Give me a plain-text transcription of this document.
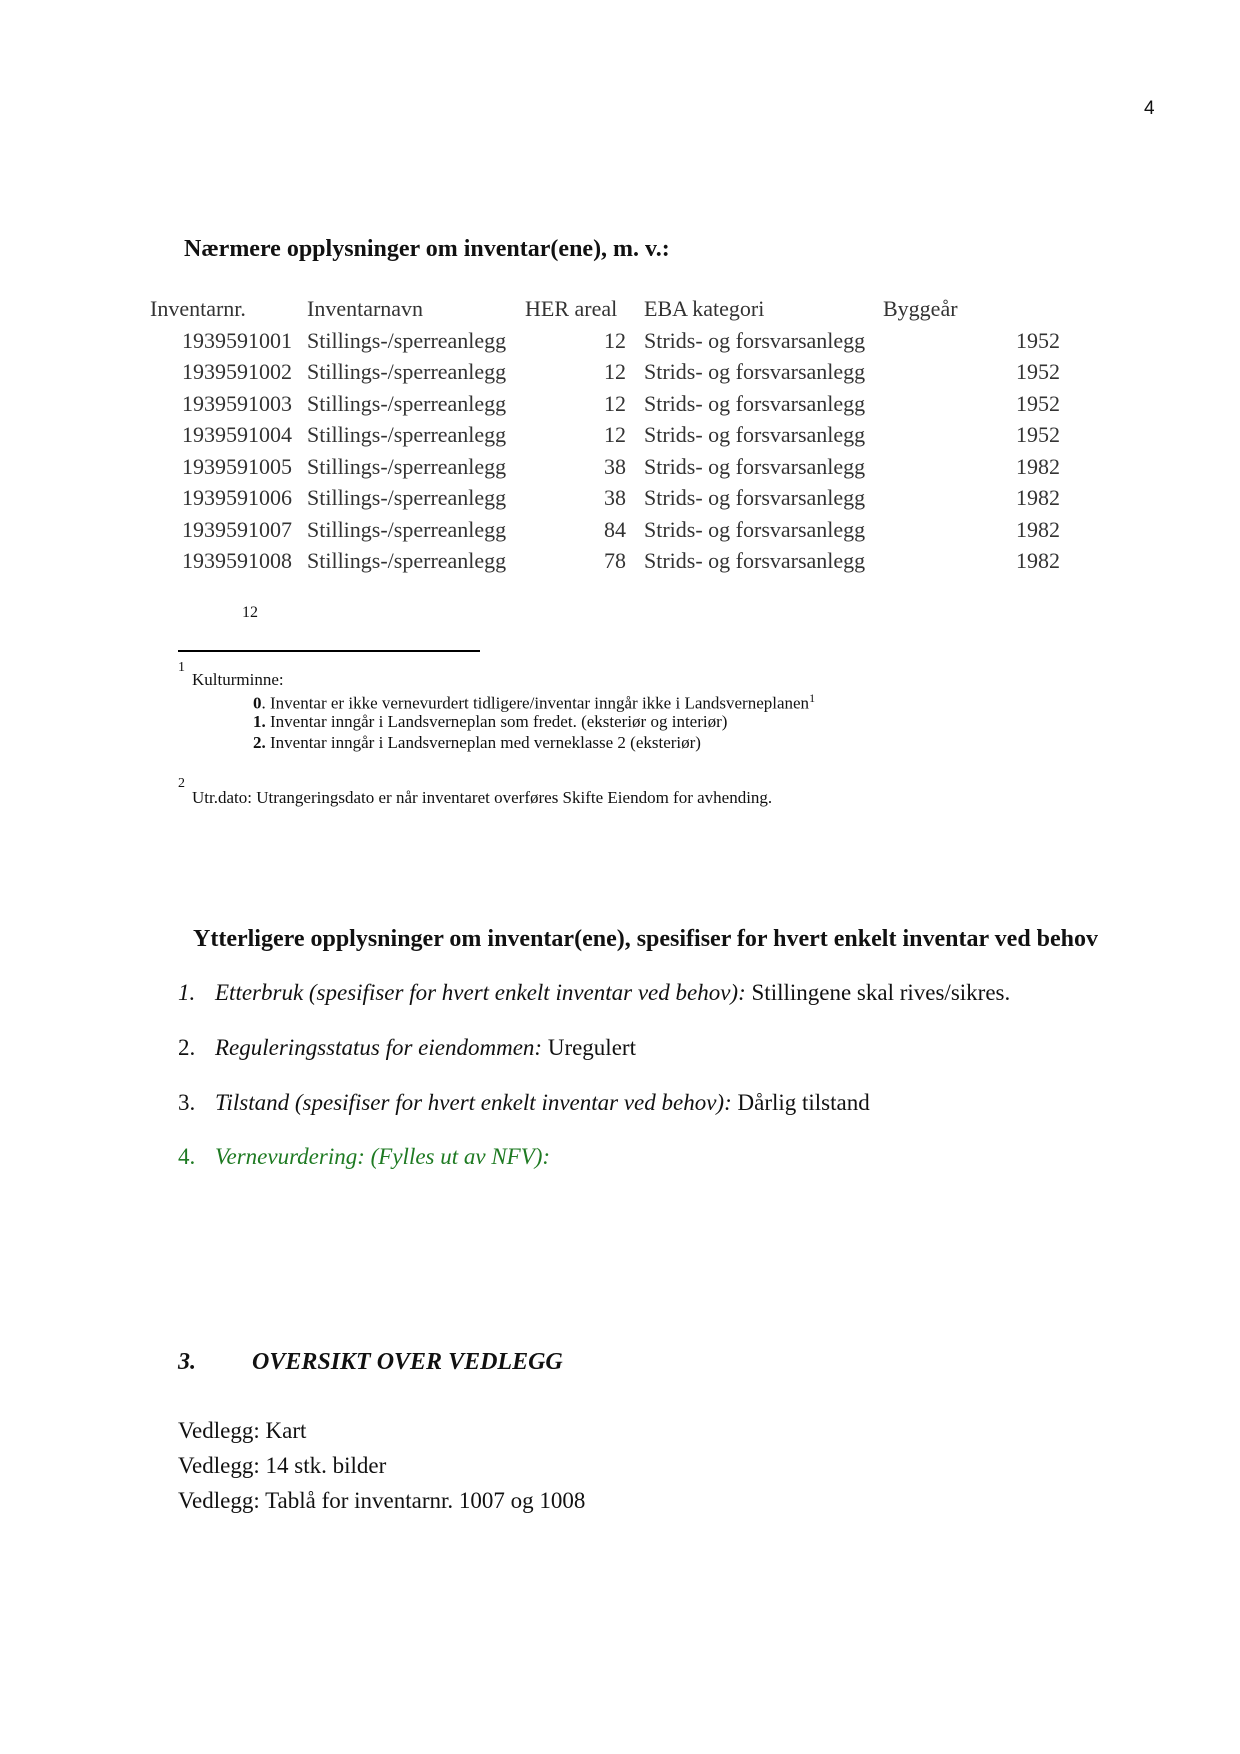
4
Nærmere opplysninger om inventar(ene), m. v.:
Inventarnr.	Inventarnavn	HER areal	EBA kategori	Byggeår
1939591001 Stillings-/sperreanlegg	12 Strids- og forsvarsanlegg	1952
1939591002 Stillings-/sperreanlegg	12 Strids- og forsvarsanlegg	1952
1939591003 Stillings-/sperreanlegg	12 Strids- og forsvarsanlegg	1952
1939591004 Stillings-/sperreanlegg	12 Strids- og forsvarsanlegg	1952
1939591005 Stillings-/sperreanlegg	38 Strids- og forsvarsanlegg	1982
1939591006 Stillings-/sperreanlegg	38 Strids- og forsvarsanlegg	1982
1939591007 Stillings-/sperreanlegg	84 Strids- og forsvarsanlegg	1982
1939591008 Stillings-/sperreanlegg	78 Strids- og forsvarsanlegg	1982
12
1
Kulturminne:
0. Inventar er ikke vernevurdert tidligere/inventar inngår ikke i Landsverneplanen$^1$
1. Inventar inngår i Landsverneplan som fredet. (eksteriør og interiør)
2. Inventar inngår i Landsverneplan med verneklasse 2 (eksteriør)
2
Utr.dato: Utrangeringsdato er når inventaret overføres Skifte Eiendom for avhending.
Ytterligere opplysninger om inventar(ene), spesifiser for hvert enkelt inventar ved behov
1. Etterbruk (spesifiser for hvert enkelt inventar ved behov): Stillingene skal rives/sikres.
2. Reguleringsstatus for eiendommen: Uregulert
3. Tilstand (spesifiser for hvert enkelt inventar ved behov): Dårlig tilstand
4. Vernevurdering: (Fylles ut av NFV):
3. OVERSIKT OVER VEDLEGG
Vedlegg: Kart
Vedlegg: 14 stk. bilder
Vedlegg: Tablå for inventarnr. 1007 og 1008
